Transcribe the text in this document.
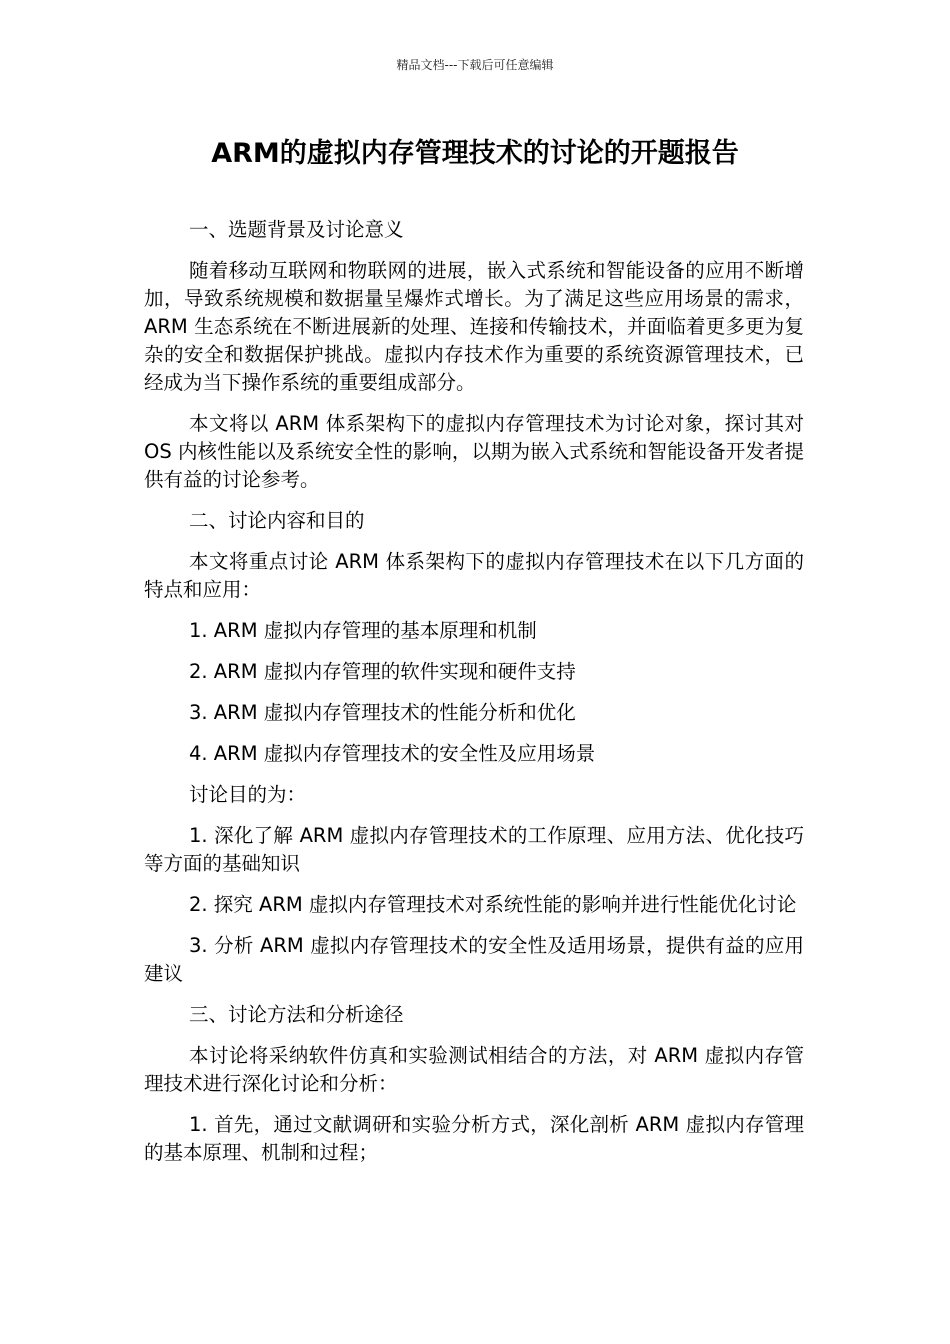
精品文档---下载后可任意编辑
ARM的虚拟内存管理技术的讨论的开题报告

一、选题背景及讨论意义

随着移动互联网和物联网的进展，嵌入式系统和智能设备的应用不断增加，导致系统规模和数据量呈爆炸式增长。为了满足这些应用场景的需求，ARM 生态系统在不断进展新的处理、连接和传输技术，并面临着更多更为复杂的安全和数据保护挑战。虚拟内存技术作为重要的系统资源管理技术，已经成为当下操作系统的重要组成部分。

本文将以 ARM 体系架构下的虚拟内存管理技术为讨论对象，探讨其对 OS 内核性能以及系统安全性的影响，以期为嵌入式系统和智能设备开发者提供有益的讨论参考。

二、讨论内容和目的

本文将重点讨论 ARM 体系架构下的虚拟内存管理技术在以下几方面的特点和应用：

1. ARM 虚拟内存管理的基本原理和机制

2. ARM 虚拟内存管理的软件实现和硬件支持

3. ARM 虚拟内存管理技术的性能分析和优化

4. ARM 虚拟内存管理技术的安全性及应用场景

讨论目的为：

1. 深化了解 ARM 虚拟内存管理技术的工作原理、应用方法、优化技巧等方面的基础知识

2. 探究 ARM 虚拟内存管理技术对系统性能的影响并进行性能优化讨论

3. 分析 ARM 虚拟内存管理技术的安全性及适用场景，提供有益的应用建议

三、讨论方法和分析途径

本讨论将采纳软件仿真和实验测试相结合的方法，对 ARM 虚拟内存管理技术进行深化讨论和分析：

1. 首先，通过文献调研和实验分析方式，深化剖析 ARM 虚拟内存管理的基本原理、机制和过程；
